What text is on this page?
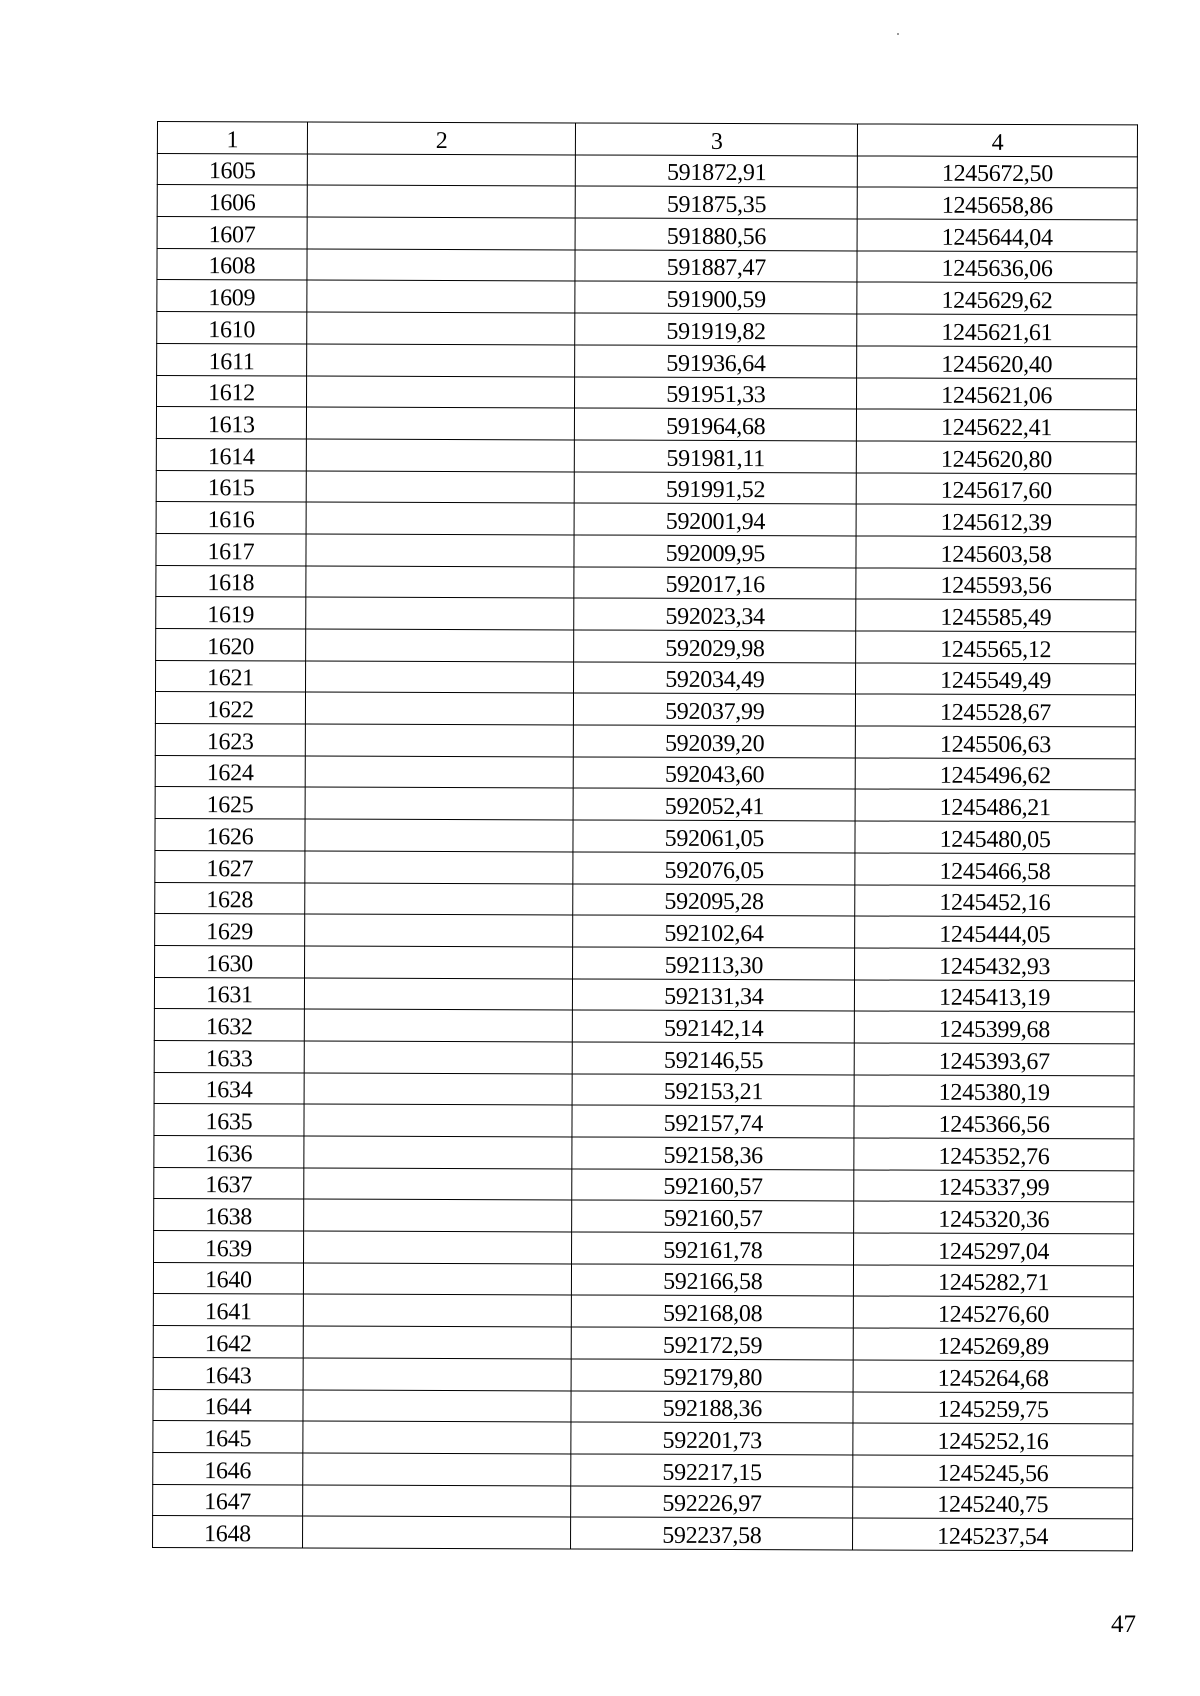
1	2	3	4
1605		591872,91	1245672,50
1606		591875,35	1245658,86
1607		591880,56	1245644,04
1608		591887,47	1245636,06
1609		591900,59	1245629,62
1610		591919,82	1245621,61
1611		591936,64	1245620,40
1612		591951,33	1245621,06
1613		591964,68	1245622,41
1614		591981,11	1245620,80
1615		591991,52	1245617,60
1616		592001,94	1245612,39
1617		592009,95	1245603,58
1618		592017,16	1245593,56
1619		592023,34	1245585,49
1620		592029,98	1245565,12
1621		592034,49	1245549,49
1622		592037,99	1245528,67
1623		592039,20	1245506,63
1624		592043,60	1245496,62
1625		592052,41	1245486,21
1626		592061,05	1245480,05
1627		592076,05	1245466,58
1628		592095,28	1245452,16
1629		592102,64	1245444,05
1630		592113,30	1245432,93
1631		592131,34	1245413,19
1632		592142,14	1245399,68
1633		592146,55	1245393,67
1634		592153,21	1245380,19
1635		592157,74	1245366,56
1636		592158,36	1245352,76
1637		592160,57	1245337,99
1638		592160,57	1245320,36
1639		592161,78	1245297,04
1640		592166,58	1245282,71
1641		592168,08	1245276,60
1642		592172,59	1245269,89
1643		592179,80	1245264,68
1644		592188,36	1245259,75
1645		592201,73	1245252,16
1646		592217,15	1245245,56
1647		592226,97	1245240,75
1648		592237,58	1245237,54
47
